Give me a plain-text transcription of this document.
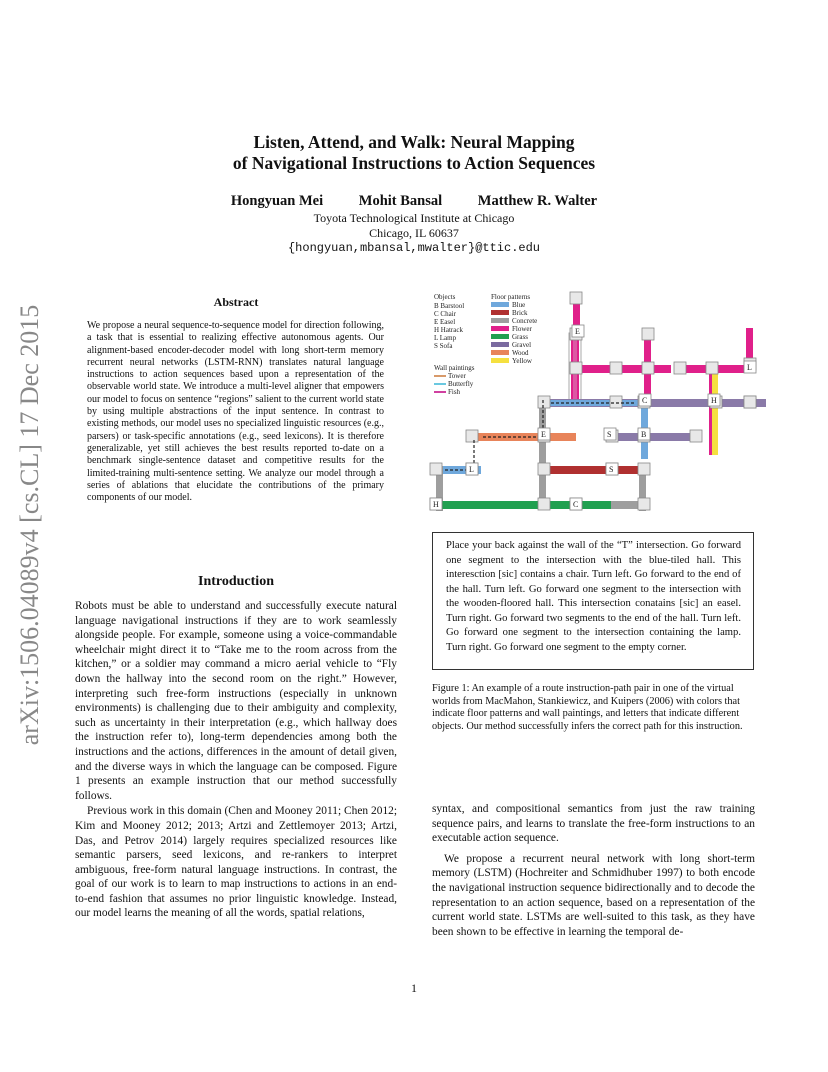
arXiv:1506.04089v4 [cs.CL] 17 Dec 2015
Listen, Attend, and Walk: Neural Mapping
of Navigational Instructions to Action Sequences
Hongyuan Mei Mohit Bansal Matthew R. Walter
Toyota Technological Institute at Chicago
Chicago, IL 60637
{hongyuan,mbansal,mwalter}@ttic.edu
Abstract
We propose a neural sequence-to-sequence model for direction following, a task that is essential to realizing effective autonomous agents. Our alignment-based encoder-decoder model with long short-term memory recurrent neural networks (LSTM-RNN) translates natural language instructions to action sequences based upon a representation of the observable world state. We introduce a multi-level aligner that empowers our model to focus on sentence “regions” salient to the current world state by using multiple abstractions of the input sentence. In contrast to existing methods, our model uses no specialized linguistic resources (e.g., parsers) or task-specific annotations (e.g., seed lexicons). It is therefore generalizable, yet still achieves the best results reported to-date on a benchmark single-sentence dataset and competitive results for the limited-training multi-sentence setting. We analyze our model through a series of ablations that elucidate the contributions of the primary components of our model.
Introduction

Robots must be able to understand and successfully execute natural language navigational instructions if they are to work seamlessly alongside people. For example, someone using a voice-commandable wheelchair might direct it to “Take me to the room across from the kitchen,” or a soldier may command a micro aerial vehicle to “Fly down the hallway into the second room on the right.” However, interpreting such free-form instructions (especially in unknown environments) is challenging due to their ambiguity and complexity, such as uncertainty in their interpretation (e.g., which hallway does the instruction refer to), long-term dependencies among both the instructions and the actions, differences in the amount of detail given, and the diverse ways in which the language can be composed. Figure 1 presents an example instruction that our method successfully follows.

Previous work in this domain (Chen and Mooney 2011; Chen 2012; Kim and Mooney 2012; 2013; Artzi and Zettlemoyer 2013; Artzi, Das, and Petrov 2014) largely requires specialized resources like semantic parsers, seed lexicons, and re-rankers to interpret ambiguous, free-form natural language instructions. In contrast, the goal of our work is to learn to map instructions to actions in an end-to-end fashion that assumes no prior linguistic knowledge. Instead, our model learns the meaning of all the words, spatial relations,

Objects
B Barstool
C Chair
E Easel
H Hatrack
L Lamp
S Sofa
Floor patterns
Blue
Brick
Concrete
Flower
Grass
Gravel
Wood
Yellow
Wall paintings
Tower
Butterfly
Fish
E
C	H
L
E	S	B
L	S
H	C
Place your back against the wall of the “T” intersection. Go forward one segment to the intersection with the blue-tiled hall. This interesction [sic] contains a chair. Turn left. Go forward to the end of the hall. Turn left. Go forward one segment to the intersection with the wooden-floored hall. This intersection conatains [sic] an easel. Turn right. Go forward two segments to the end of the hall. Turn left. Go forward one segment to the intersection containing the lamp. Turn right. Go forward one segment to the empty corner.
Figure 1: An example of a route instruction-path pair in one of the virtual worlds from MacMahon, Stankiewicz, and Kuipers (2006) with colors that indicate floor patterns and wall paintings, and letters that indicate different objects. Our method successfully infers the correct path for this instruction.

syntax, and compositional semantics from just the raw training sequence pairs, and learns to translate the free-form instructions to an executable action sequence.

We propose a recurrent neural network with long short-term memory (LSTM) (Hochreiter and Schmidhuber 1997) to both encode the navigational instruction sequence bidirectionally and to decode the representation to an action sequence, based on a representation of the current world state. LSTMs are well-suited to this task, as they have been shown to be effective in learning the temporal de-

1
